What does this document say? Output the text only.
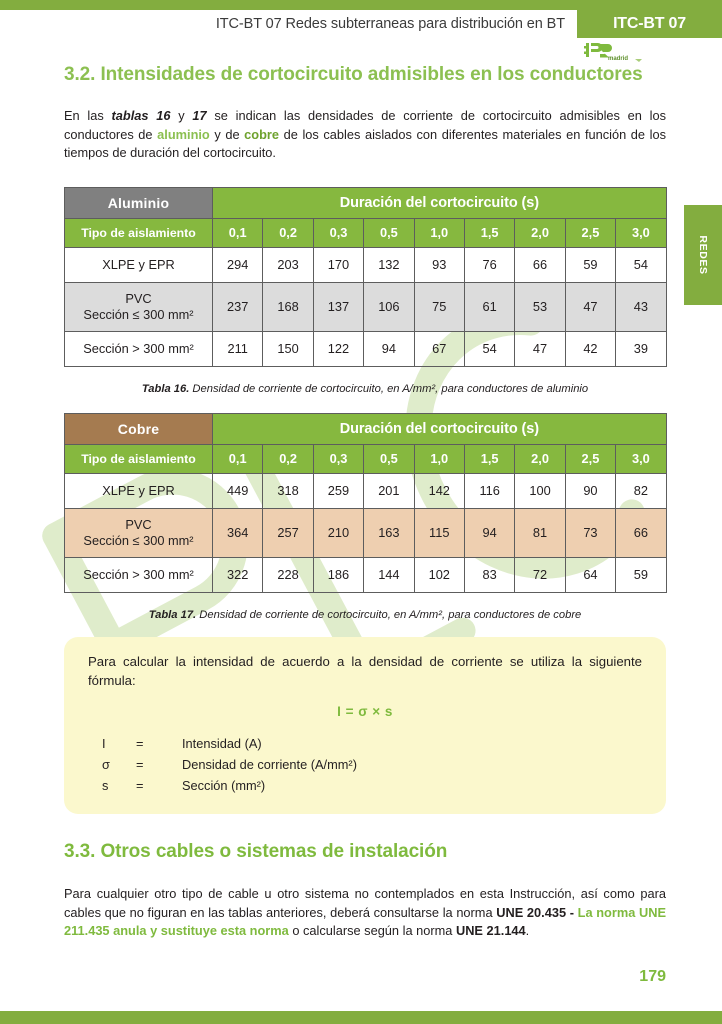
ITC-BT 07 Redes subterraneas para distribución en BT	ITC-BT 07
madrid
REDES
3.2. Intensidades de cortocircuito admisibles en los conductores

En las tablas 16 y 17 se indican las densidades de corriente de cortocircuito admisibles en los conductores de aluminio y de cobre de los cables aislados con diferentes materiales en función de los tiempos de duración del cortocircuito.

Aluminio	Duración del cortocircuito (s)								
Tipo de aislamiento	0,1	0,2	0,3	0,5	1,0	1,5	2,0	2,5	3,0
XLPE y EPR	294	203	170	132	93	76	66	59	54

PVC
Sección ≤ 300 mm²	237	168	137	106	75	61	53	47	43
Sección > 300 mm²	211	150	122	94	67	54	47	42	39

Tabla 16. Densidad de corriente de cortocircuito, en A/mm², para conductores de aluminio

Cobre	Duración del cortocircuito (s)								
Tipo de aislamiento	0,1	0,2	0,3	0,5	1,0	1,5	2,0	2,5	3,0
XLPE y EPR	449	318	259	201	142	116	100	90	82

PVC
Sección ≤ 300 mm²	364	257	210	163	115	94	81	73	66
Sección > 300 mm²	322	228	186	144	102	83	72	64	59

Tabla 17. Densidad de corriente de cortocircuito, en A/mm², para conductores de cobre

Para calcular la intensidad de acuerdo a la densidad de corriente se utiliza la siguiente fórmula:

I = σ × s

I	=	Intensidad (A)
σ	=	Densidad de corriente (A/mm²)
s	=	Sección (mm²)
3.3. Otros cables o sistemas de instalación

Para cualquier otro tipo de cable u otro sistema no contemplados en esta Instrucción, así como para cables que no figuran en las tablas anteriores, deberá consultarse la norma UNE 20.435 - La norma UNE 211.435 anula y sustituye esta norma o calcularse según la norma UNE 21.144.

179
